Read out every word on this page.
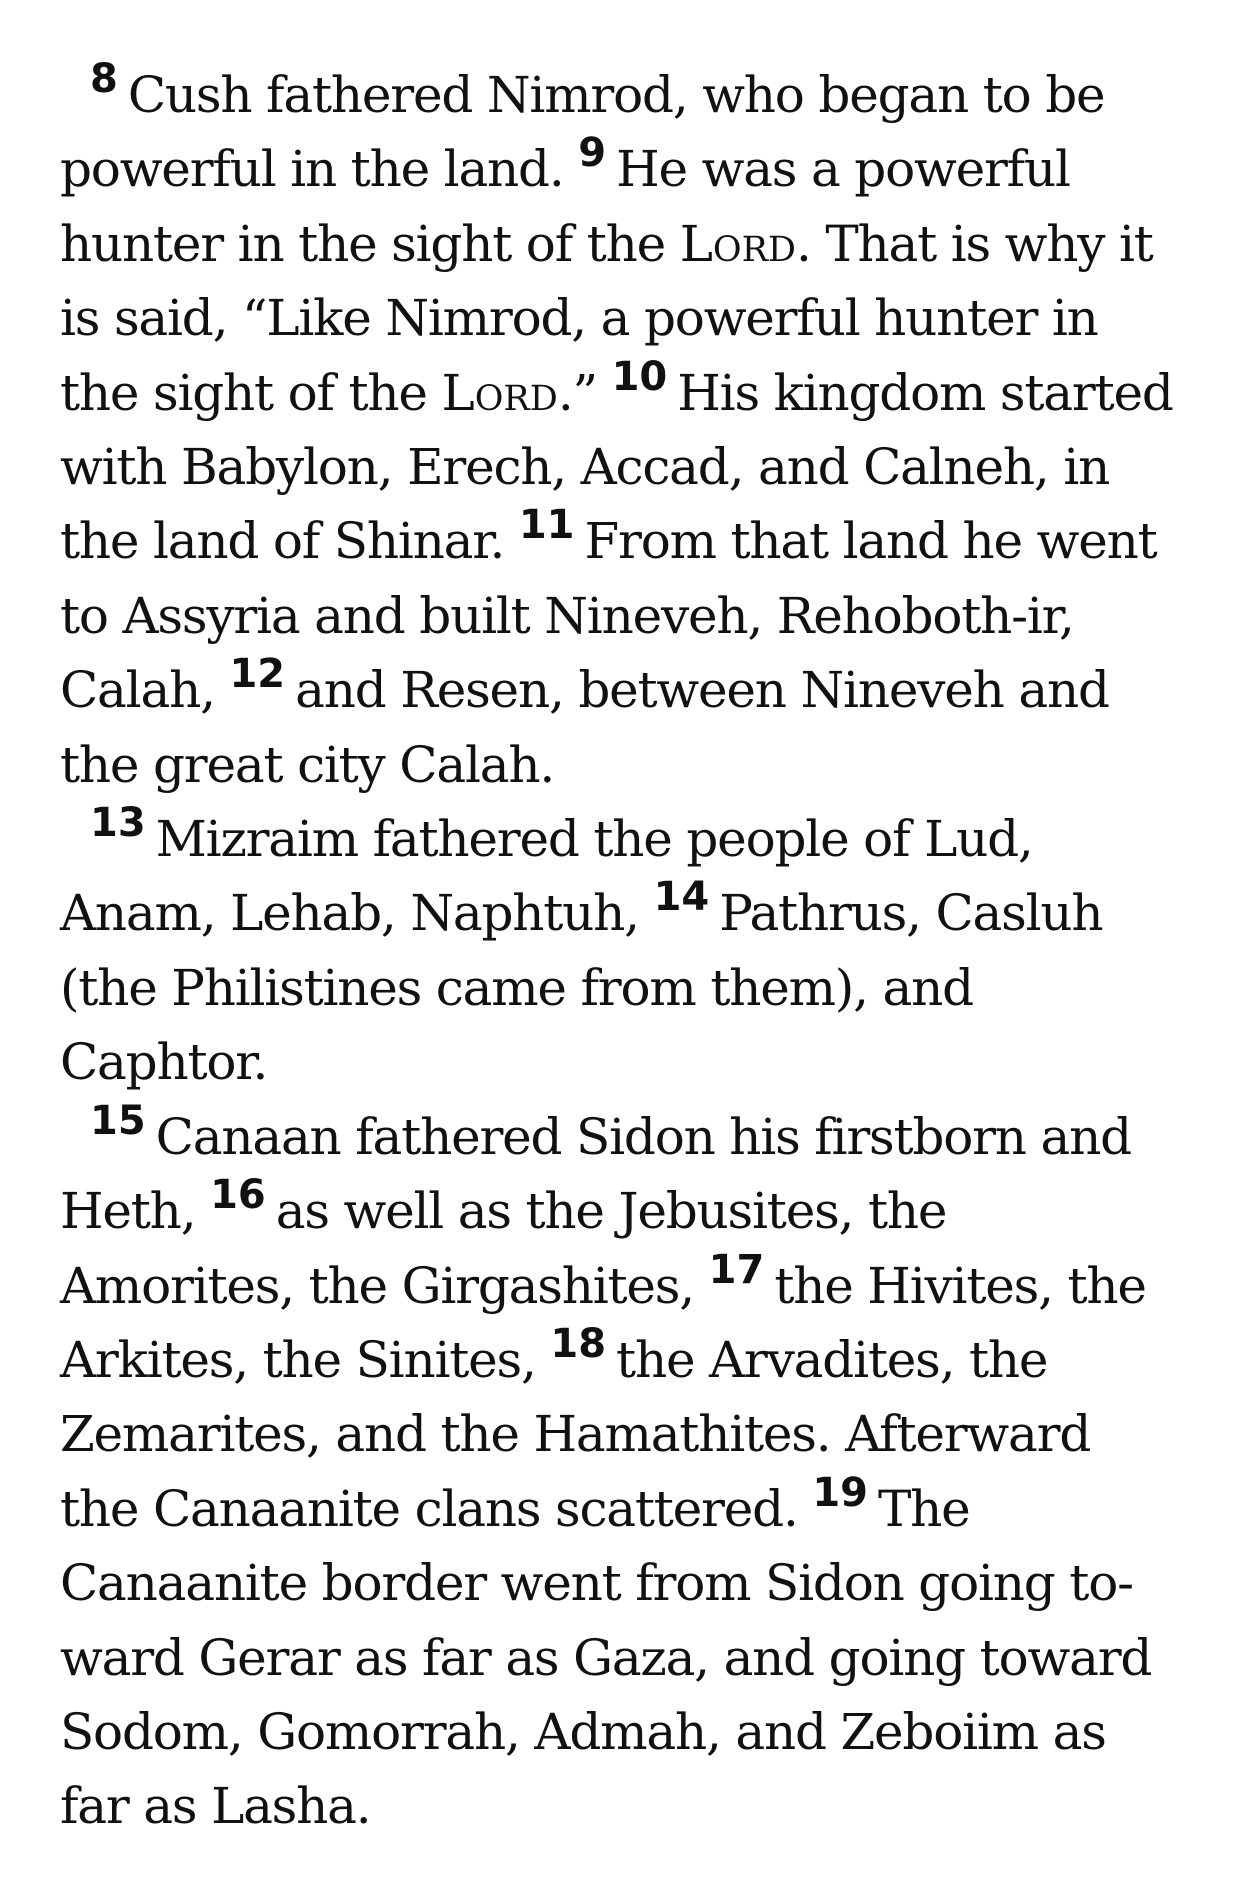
$^8$ Cush fathered Nimrod, who began to be powerful in the land. $^9$ He was a powerful hunter in the sight of the Lord. That is why it is said, “Like Nimrod, a powerful hunter in the sight of the Lord.” $^{10}$ His kingdom started with Babylon, Erech, Accad, and Calneh, in the land of Shinar. $^{11}$ From that land he went to Assyria and built Nineveh, Rehoboth-ir, Calah, $^{12}$ and Resen, between Nineveh and the great city Calah.

$^{13}$ Mizraim fathered the people of Lud, Anam, Lehab, Naphtuh, $^{14}$ Pathrus, Casluh (the Philistines came from them), and Caphtor.

$^{15}$ Canaan fathered Sidon his firstborn and Heth, $^{16}$ as well as the Jebusites, the Amorites, the Girgashites, $^{17}$ the Hivites, the Arkites, the Sinites, $^{18}$ the Arvadites, the Zemarites, and the Hamathites. Afterward the Canaanite clans scattered. $^{19}$ The Canaanite border went from Sidon going toward Gerar as far as Gaza, and going toward Sodom, Gomorrah, Admah, and Zeboiim as far as Lasha.
